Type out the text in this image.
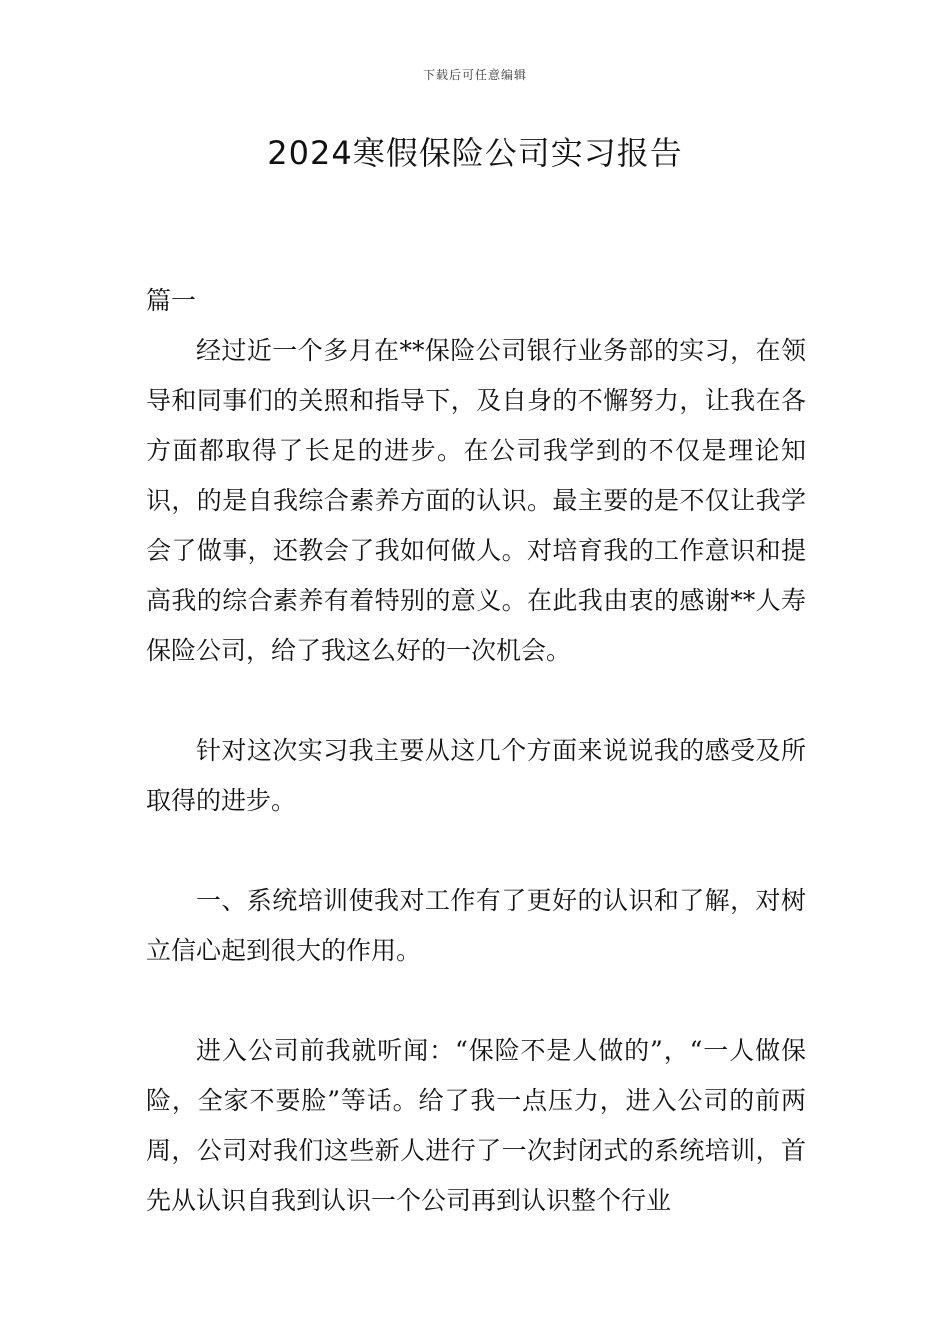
下载后可任意编辑
2024寒假保险公司实习报告

篇一

经过近一个多月在**保险公司银行业务部的实习，在领导和同事们的关照和指导下，及自身的不懈努力，让我在各方面都取得了长足的进步。在公司我学到的不仅是理论知识，的是自我综合素养方面的认识。最主要的是不仅让我学会了做事，还教会了我如何做人。对培育我的工作意识和提高我的综合素养有着特别的意义。在此我由衷的感谢**人寿保险公司，给了我这么好的一次机会。

针对这次实习我主要从这几个方面来说说我的感受及所取得的进步。

一、系统培训使我对工作有了更好的认识和了解，对树立信心起到很大的作用。

进入公司前我就听闻：“保险不是人做的”，“一人做保险，全家不要脸”等话。给了我一点压力，进入公司的前两周，公司对我们这些新人进行了一次封闭式的系统培训，首先从认识自我到认识一个公司再到认识整个行业
